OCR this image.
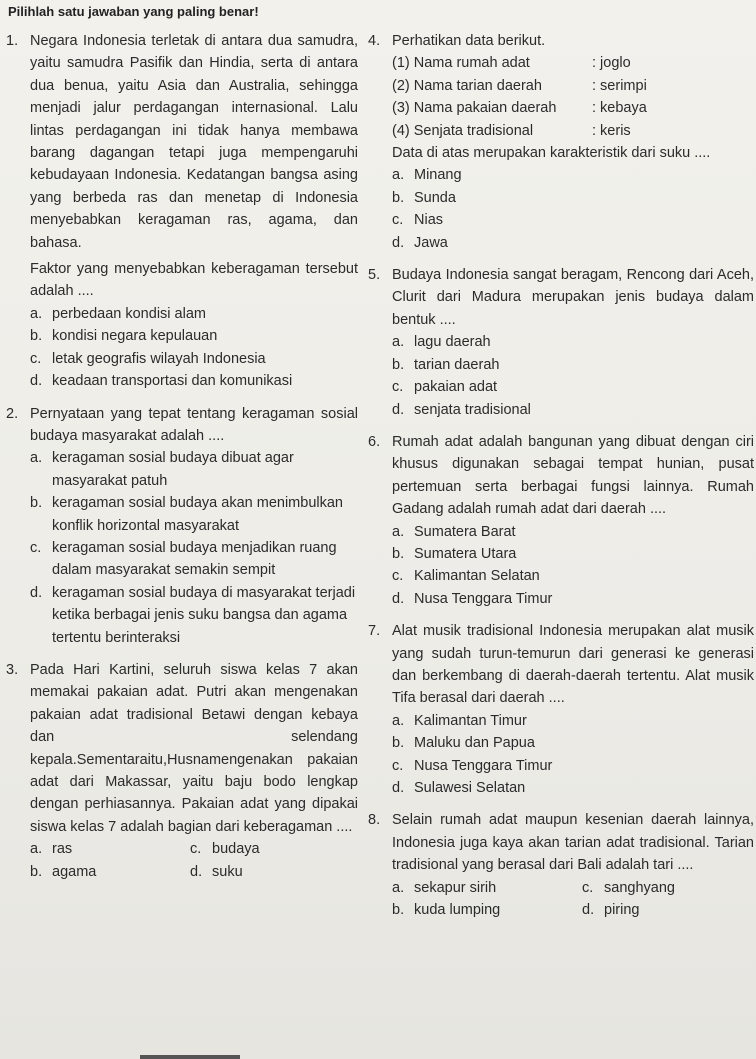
Pilihlah satu jawaban yang paling benar!
1. Negara Indonesia terletak di antara dua samudra, yaitu samudra Pasifik dan Hindia, serta di antara dua benua, yaitu Asia dan Australia, sehingga menjadi jalur perdagangan internasional. Lalu lintas perdagangan ini tidak hanya membawa barang dagangan tetapi juga mempengaruhi kebudayaan Indonesia. Kedatangan bangsa asing yang berbeda ras dan menetap di Indonesia menyebabkan keragaman ras, agama, dan bahasa.
Faktor yang menyebabkan keberagaman tersebut adalah ....
a. perbedaan kondisi alam
b. kondisi negara kepulauan
c. letak geografis wilayah Indonesia
d. keadaan transportasi dan komunikasi
2. Pernyataan yang tepat tentang keragaman sosial budaya masyarakat adalah ....
a. keragaman sosial budaya dibuat agar masyarakat patuh
b. keragaman sosial budaya akan menimbulkan konflik horizontal masyarakat
c. keragaman sosial budaya menjadikan ruang dalam masyarakat semakin sempit
d. keragaman sosial budaya di masyarakat terjadi ketika berbagai jenis suku bangsa dan agama tertentu berinteraksi
3. Pada Hari Kartini, seluruh siswa kelas 7 akan memakai pakaian adat. Putri akan mengenakan pakaian adat tradisional Betawi dengan kebaya dan selendang kepala.Sementaraitu,Husnamengenakan pakaian adat dari Makassar, yaitu baju bodo lengkap dengan perhiasannya. Pakaian adat yang dipakai siswa kelas 7 adalah bagian dari keberagaman ....
a. ras	c. budaya
b. agama	d. suku
4. Perhatikan data berikut.
(1) Nama rumah adat	: joglo
(2) Nama tarian daerah	: serimpi
(3) Nama pakaian daerah	: kebaya
(4) Senjata tradisional	: keris
Data di atas merupakan karakteristik dari suku ....
a. Minang
b. Sunda
c. Nias
d. Jawa
5. Budaya Indonesia sangat beragam, Rencong dari Aceh, Clurit dari Madura merupakan jenis budaya dalam bentuk ....
a. lagu daerah
b. tarian daerah
c. pakaian adat
d. senjata tradisional
6. Rumah adat adalah bangunan yang dibuat dengan ciri khusus digunakan sebagai tempat hunian, pusat pertemuan serta berbagai fungsi lainnya. Rumah Gadang adalah rumah adat dari daerah ....
a. Sumatera Barat
b. Sumatera Utara
c. Kalimantan Selatan
d. Nusa Tenggara Timur
7. Alat musik tradisional Indonesia merupakan alat musik yang sudah turun-temurun dari generasi ke generasi dan berkembang di daerah-daerah tertentu. Alat musik Tifa berasal dari daerah ....
a. Kalimantan Timur
b. Maluku dan Papua
c. Nusa Tenggara Timur
d. Sulawesi Selatan
8. Selain rumah adat maupun kesenian daerah lainnya, Indonesia juga kaya akan tarian adat tradisional. Tarian tradisional yang berasal dari Bali adalah tari ....
a. sekapur sirih	c. sanghyang
b. kuda lumping	d. piring
